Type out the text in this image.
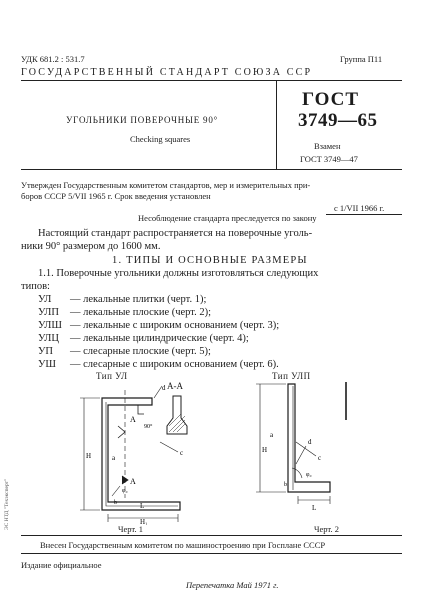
УДК 681.2 : 531.7	Группа П11
ГОСУДАРСТВЕННЫЙ СТАНДАРТ СОЮЗА ССР
УГОЛЬНИКИ ПОВЕРОЧНЫЕ 90°
Checking squares
ГОСТ
3749—65
Взамен
ГОСТ 3749—47
Утвержден Государственным комитетом стандартов, мер и измерительных при-
боров СССР 5/VII 1965 г. Срок введения установлен
с 1/VII 1966 г.
Несоблюдение стандарта преследуется по закону
Настоящий стандарт распространяется на поверочные уголь-
ники 90° размером до 1600 мм.
1. ТИПЫ И ОСНОВНЫЕ РАЗМЕРЫ
1.1. Поверочные угольники должны изготовляться следующих
типов:
УЛ — лекальные плитки (черт. 1);
УЛП — лекальные плоские (черт. 2);
УЛШ — лекальные с широким основанием (черт. 3);
УЛЦ — лекальные цилиндрические (черт. 4);
УП — слесарные плоские (черт. 5);
УШ — слесарные с широким основанием (черт. 6).
Тип УЛ	Тип УЛП
d
А
90°
a
H	c
А
φ₀
L
H₁
b
А-А
a
d
c
H
φ₀
b
L
Черт. 1	Черт. 2
Внесен Государственным комитетом по машиностроению при Госплане СССР
Издание официальное
Перепечатка Май 1971 г.
ЭС НТД "Техэксперт"
